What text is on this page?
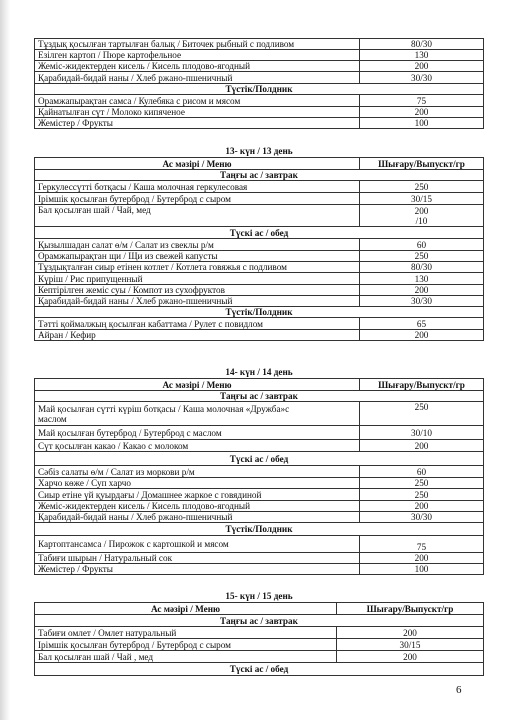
Тұздық қосылған тартылған балық / Биточек рыбный с подливом	80/30
Езілген картоп / Пюре картофельное	130
Жеміс-жидектерден кисель / Кисель плодово-ягодный	200
Қарабидай-бидай наны / Хлеб ржано-пшеничный	30/30
Түстік/Полдник	
Орамжапырақтан самса / Кулебяка с рисом и мясом	75
Қайнатылған сүт / Молоко кипяченое	200
Жемістер / Фрукты	100
13- күн / 13 день
Ас мәзірі / Меню	Шығару/Выпускт/гр
Таңғы ас / завтрак	
Геркулессүтті ботқасы / Каша молочная геркулесовая	250
Ірімшік қосылған бутерброд / Бутерброд с сыром	30/15
Бал қосылған шай / Чай, мед	200
/10

Түскі ас / обед	
Қызылшадан салат ө/м / Салат из свеклы р/м	60
Орамжапырақтан щи / Щи из свежей капусты	250
Тұздықталған сиыр етінен котлет / Котлета говяжья с подливом	80/30
Күріш / Рис припущенный	130
Кептірілген жеміс суы / Компот из сухофруктов	200
Қарабидай-бидай наны / Хлеб ржано-пшеничный	30/30
Түстік/Полдник	
Тәтті қоймалжың қосылған кабаттама / Рулет с повидлом	65
Айран / Кефир	200
14- күн / 14 день
Ас мәзірі / Меню	Шығару/Выпускт/гр
Таңғы ас / завтрак	

Май қосылған сүтті күріш ботқасы / Каша молочная «Дружба»с
маслом	250
Май қосылған бутерброд / Бутерброд с маслом	30/10
Сүт қосылған какао / Какао с молоком	200
Түскі ас / обед	
Сәбіз салаты ө/м / Салат из моркови р/м	60
Харчо көже / Суп харчо	250
Сиыр етіне үй қуырдағы / Домашнее жаркое с говядиной	250
Жеміс-жидектерден кисель / Кисель плодово-ягодный	200
Қарабидай-бидай наны / Хлеб ржано-пшеничный	30/30
Түстік/Полдник	
Картоптансамса / Пирожок с картошкой и мясом	75
Табиғи шырын / Натуральный сок	200
Жемістер / Фрукты	100
15- күн / 15 день
Ас мәзірі / Меню	Шығару/Выпускт/гр
Таңғы ас / завтрак	
Табиғи омлет / Омлет натуральный	200
Ірімшік қосылған бутерброд / Бутерброд с сыром	30/15
Бал қосылған шай / Чай , мед	200
Түскі ас / обед	
6
